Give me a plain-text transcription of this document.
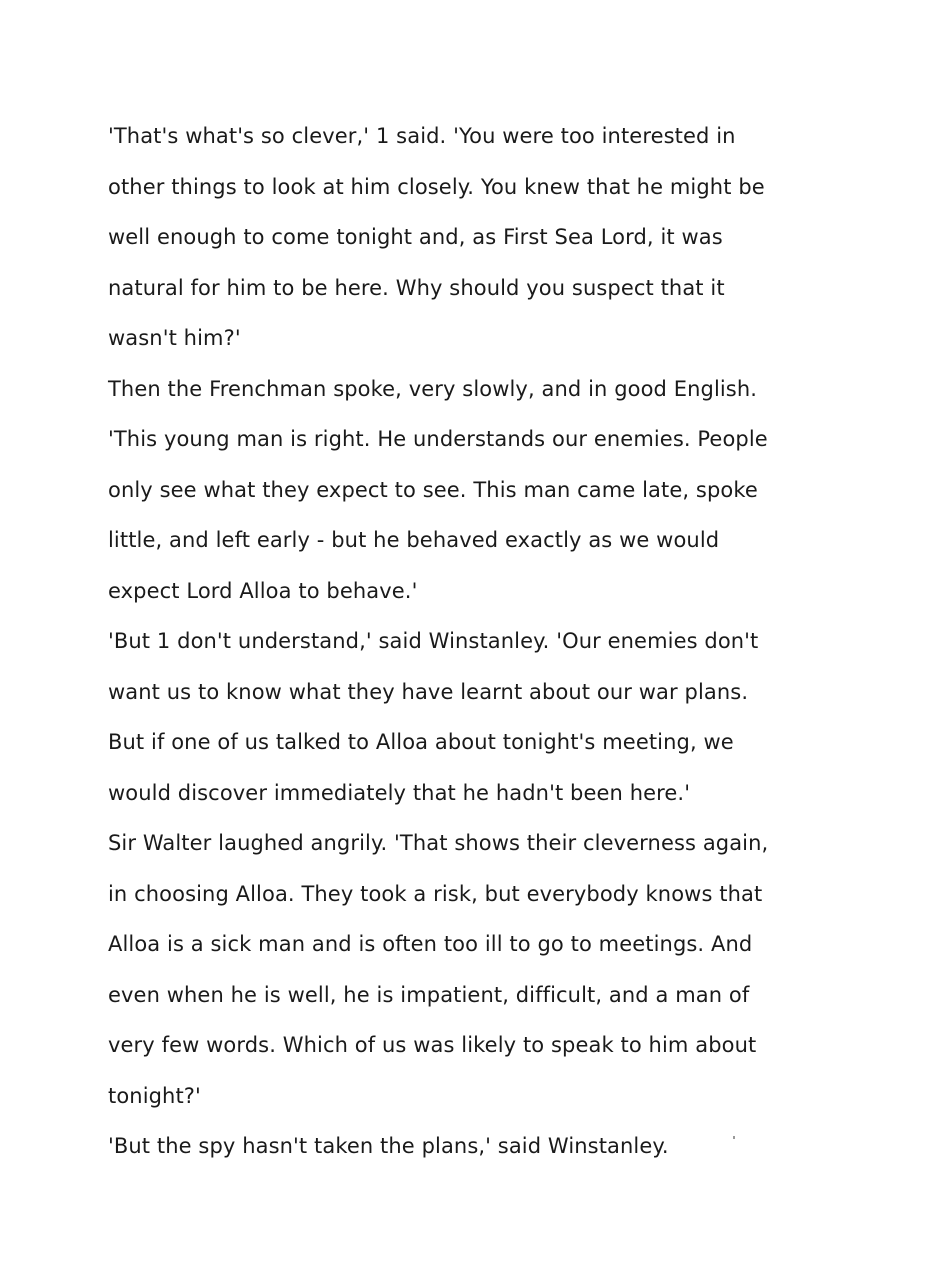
'That's what's so clever,' 1 said. 'You were too interested in
other things to look at him closely. You knew that he might be
well enough to come tonight and, as First Sea Lord, it was
natural for him to be here. Why should you suspect that it
wasn't him?'
Then the Frenchman spoke, very slowly, and in good English.
'This young man is right. He understands our enemies. People
only see what they expect to see. This man came late, spoke
little, and left early - but he behaved exactly as we would
expect Lord Alloa to behave.'
'But 1 don't understand,' said Winstanley. 'Our enemies don't
want us to know what they have learnt about our war plans.
But if one of us talked to Alloa about tonight's meeting, we
would discover immediately that he hadn't been here.'
Sir Walter laughed angrily. 'That shows their cleverness again,
in choosing Alloa. They took a risk, but everybody knows that
Alloa is a sick man and is often too ill to go to meetings. And
even when he is well, he is impatient, difficult, and a man of
very few words. Which of us was likely to speak to him about
tonight?'
'But the spy hasn't taken the plans,' said Winstanley.
